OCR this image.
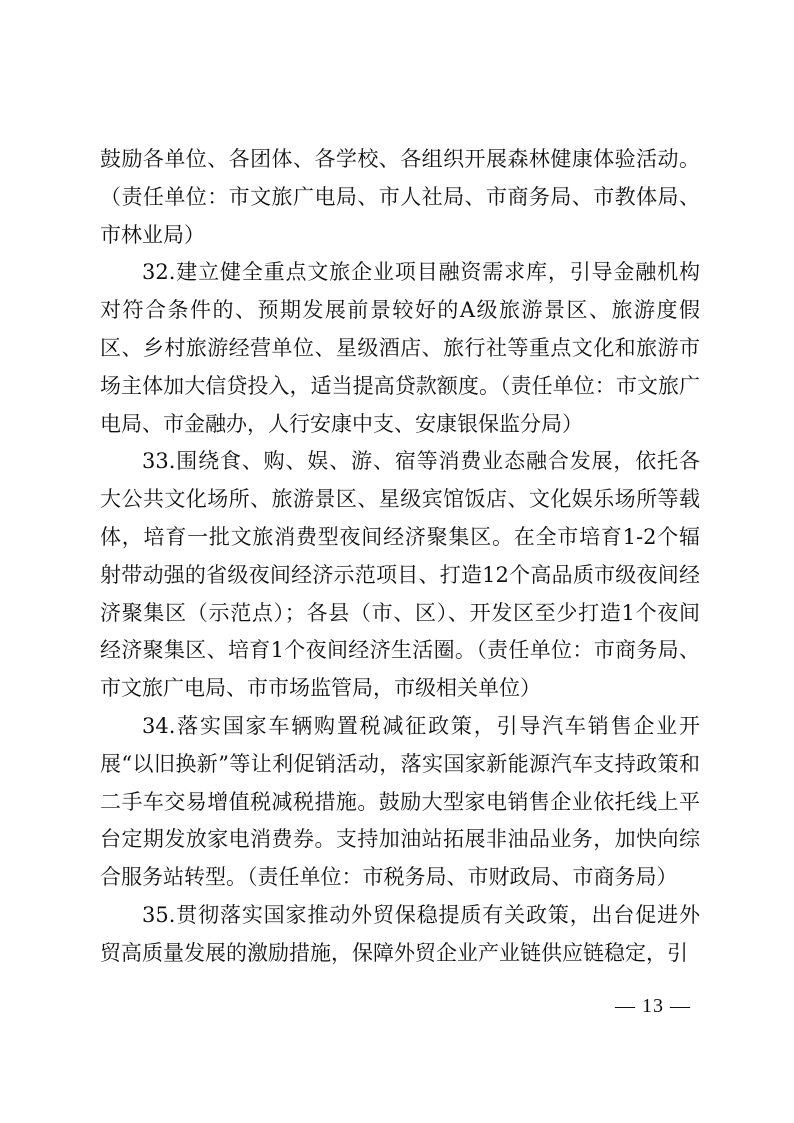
鼓励各单位、各团体、各学校、各组织开展森林健康体验活动。（责任单位：市文旅广电局、市人社局、市商务局、市教体局、市林业局）

32.建立健全重点文旅企业项目融资需求库，引导金融机构对符合条件的、预期发展前景较好的A级旅游景区、旅游度假区、乡村旅游经营单位、星级酒店、旅行社等重点文化和旅游市场主体加大信贷投入，适当提高贷款额度。（责任单位：市文旅广电局、市金融办，人行安康中支、安康银保监分局）

33.围绕食、购、娱、游、宿等消费业态融合发展，依托各大公共文化场所、旅游景区、星级宾馆饭店、文化娱乐场所等载体，培育一批文旅消费型夜间经济聚集区。在全市培育1-2个辐射带动强的省级夜间经济示范项目、打造12个高品质市级夜间经济聚集区（示范点）；各县（市、区）、开发区至少打造1个夜间经济聚集区、培育1个夜间经济生活圈。（责任单位：市商务局、市文旅广电局、市市场监管局，市级相关单位）

34.落实国家车辆购置税减征政策，引导汽车销售企业开展“以旧换新”等让利促销活动，落实国家新能源汽车支持政策和二手车交易增值税减税措施。鼓励大型家电销售企业依托线上平台定期发放家电消费券。支持加油站拓展非油品业务，加快向综合服务站转型。（责任单位：市税务局、市财政局、市商务局）

35.贯彻落实国家推动外贸保稳提质有关政策，出台促进外贸高质量发展的激励措施，保障外贸企业产业链供应链稳定，引

— 13 —
